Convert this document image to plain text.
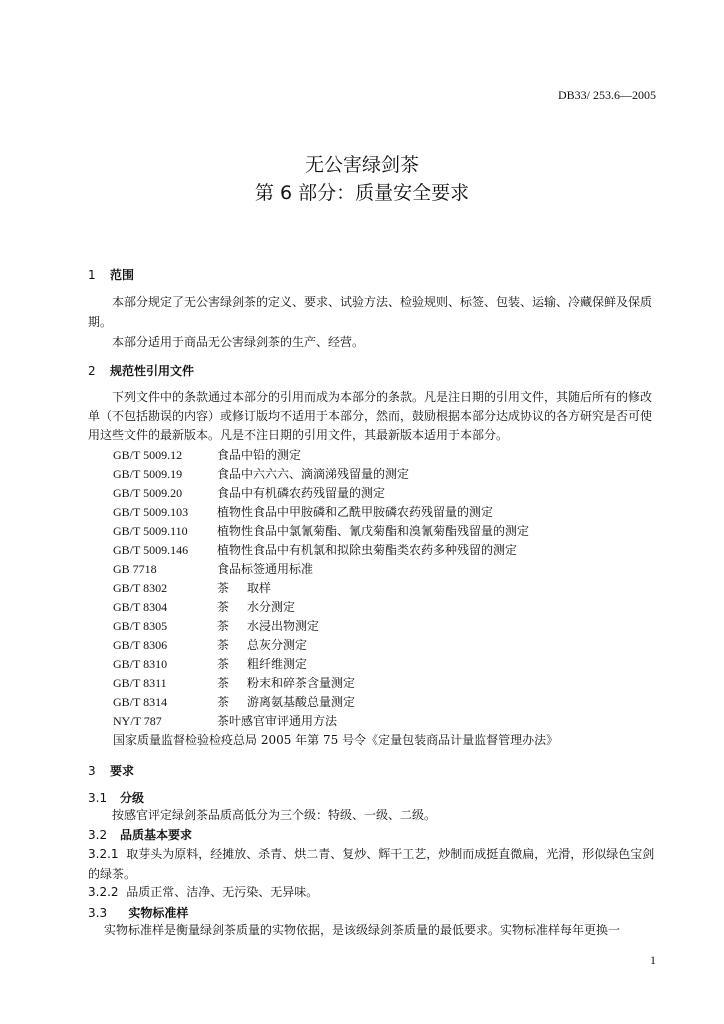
DB33/ 253.6—2005
无公害绿剑茶
第 6 部分：质量安全要求
1 范围
本部分规定了无公害绿剑茶的定义、要求、试验方法、检验规则、标签、包装、运输、冷藏保鲜及保质期。
本部分适用于商品无公害绿剑茶的生产、经营。
2 规范性引用文件
下列文件中的条款通过本部分的引用而成为本部分的条款。凡是注日期的引用文件，其随后所有的修改单（不包括勘误的内容）或修订版均不适用于本部分，然而，鼓励根据本部分达成协议的各方研究是否可使用这些文件的最新版本。凡是不注日期的引用文件，其最新版本适用于本部分。
GB/T 5009.12	食品中铅的测定
GB/T 5009.19	食品中六六六、滴滴涕残留量的测定
GB/T 5009.20	食品中有机磷农药残留量的测定
GB/T 5009.103 植物性食品中甲胺磷和乙酰甲胺磷农药残留量的测定
GB/T 5009.110 植物性食品中氯氰菊酯、氰戊菊酯和溴氰菊酯残留量的测定
GB/T 5009.146 植物性食品中有机氯和拟除虫菊酯类农药多种残留的测定
GB 7718	食品标签通用标准
GB/T 8302	茶 取样
GB/T 8304	茶 水分测定
GB/T 8305	茶 水浸出物测定
GB/T 8306	茶 总灰分测定
GB/T 8310	茶 粗纤维测定
GB/T 8311	茶 粉末和碎茶含量测定
GB/T 8314	茶 游离氨基酸总量测定
NY/T 787	茶叶感官审评通用方法
国家质量监督检验检疫总局 2005 年第 75 号令《定量包装商品计量监督管理办法》
3 要求
3.1 分级
按感官评定绿剑茶品质高低分为三个级：特级、一级、二级。
3.2 品质基本要求
3.2.1 取芽头为原料，经摊放、杀青、烘二青、复炒、辉干工艺，炒制而成挺直微扁，光滑，形似绿色宝剑的绿茶。
3.2.2 品质正常、洁净、无污染、无异味。
3.3 实物标准样
实物标准样是衡量绿剑茶质量的实物依据，是该级绿剑茶质量的最低要求。实物标准样每年更换一
1
